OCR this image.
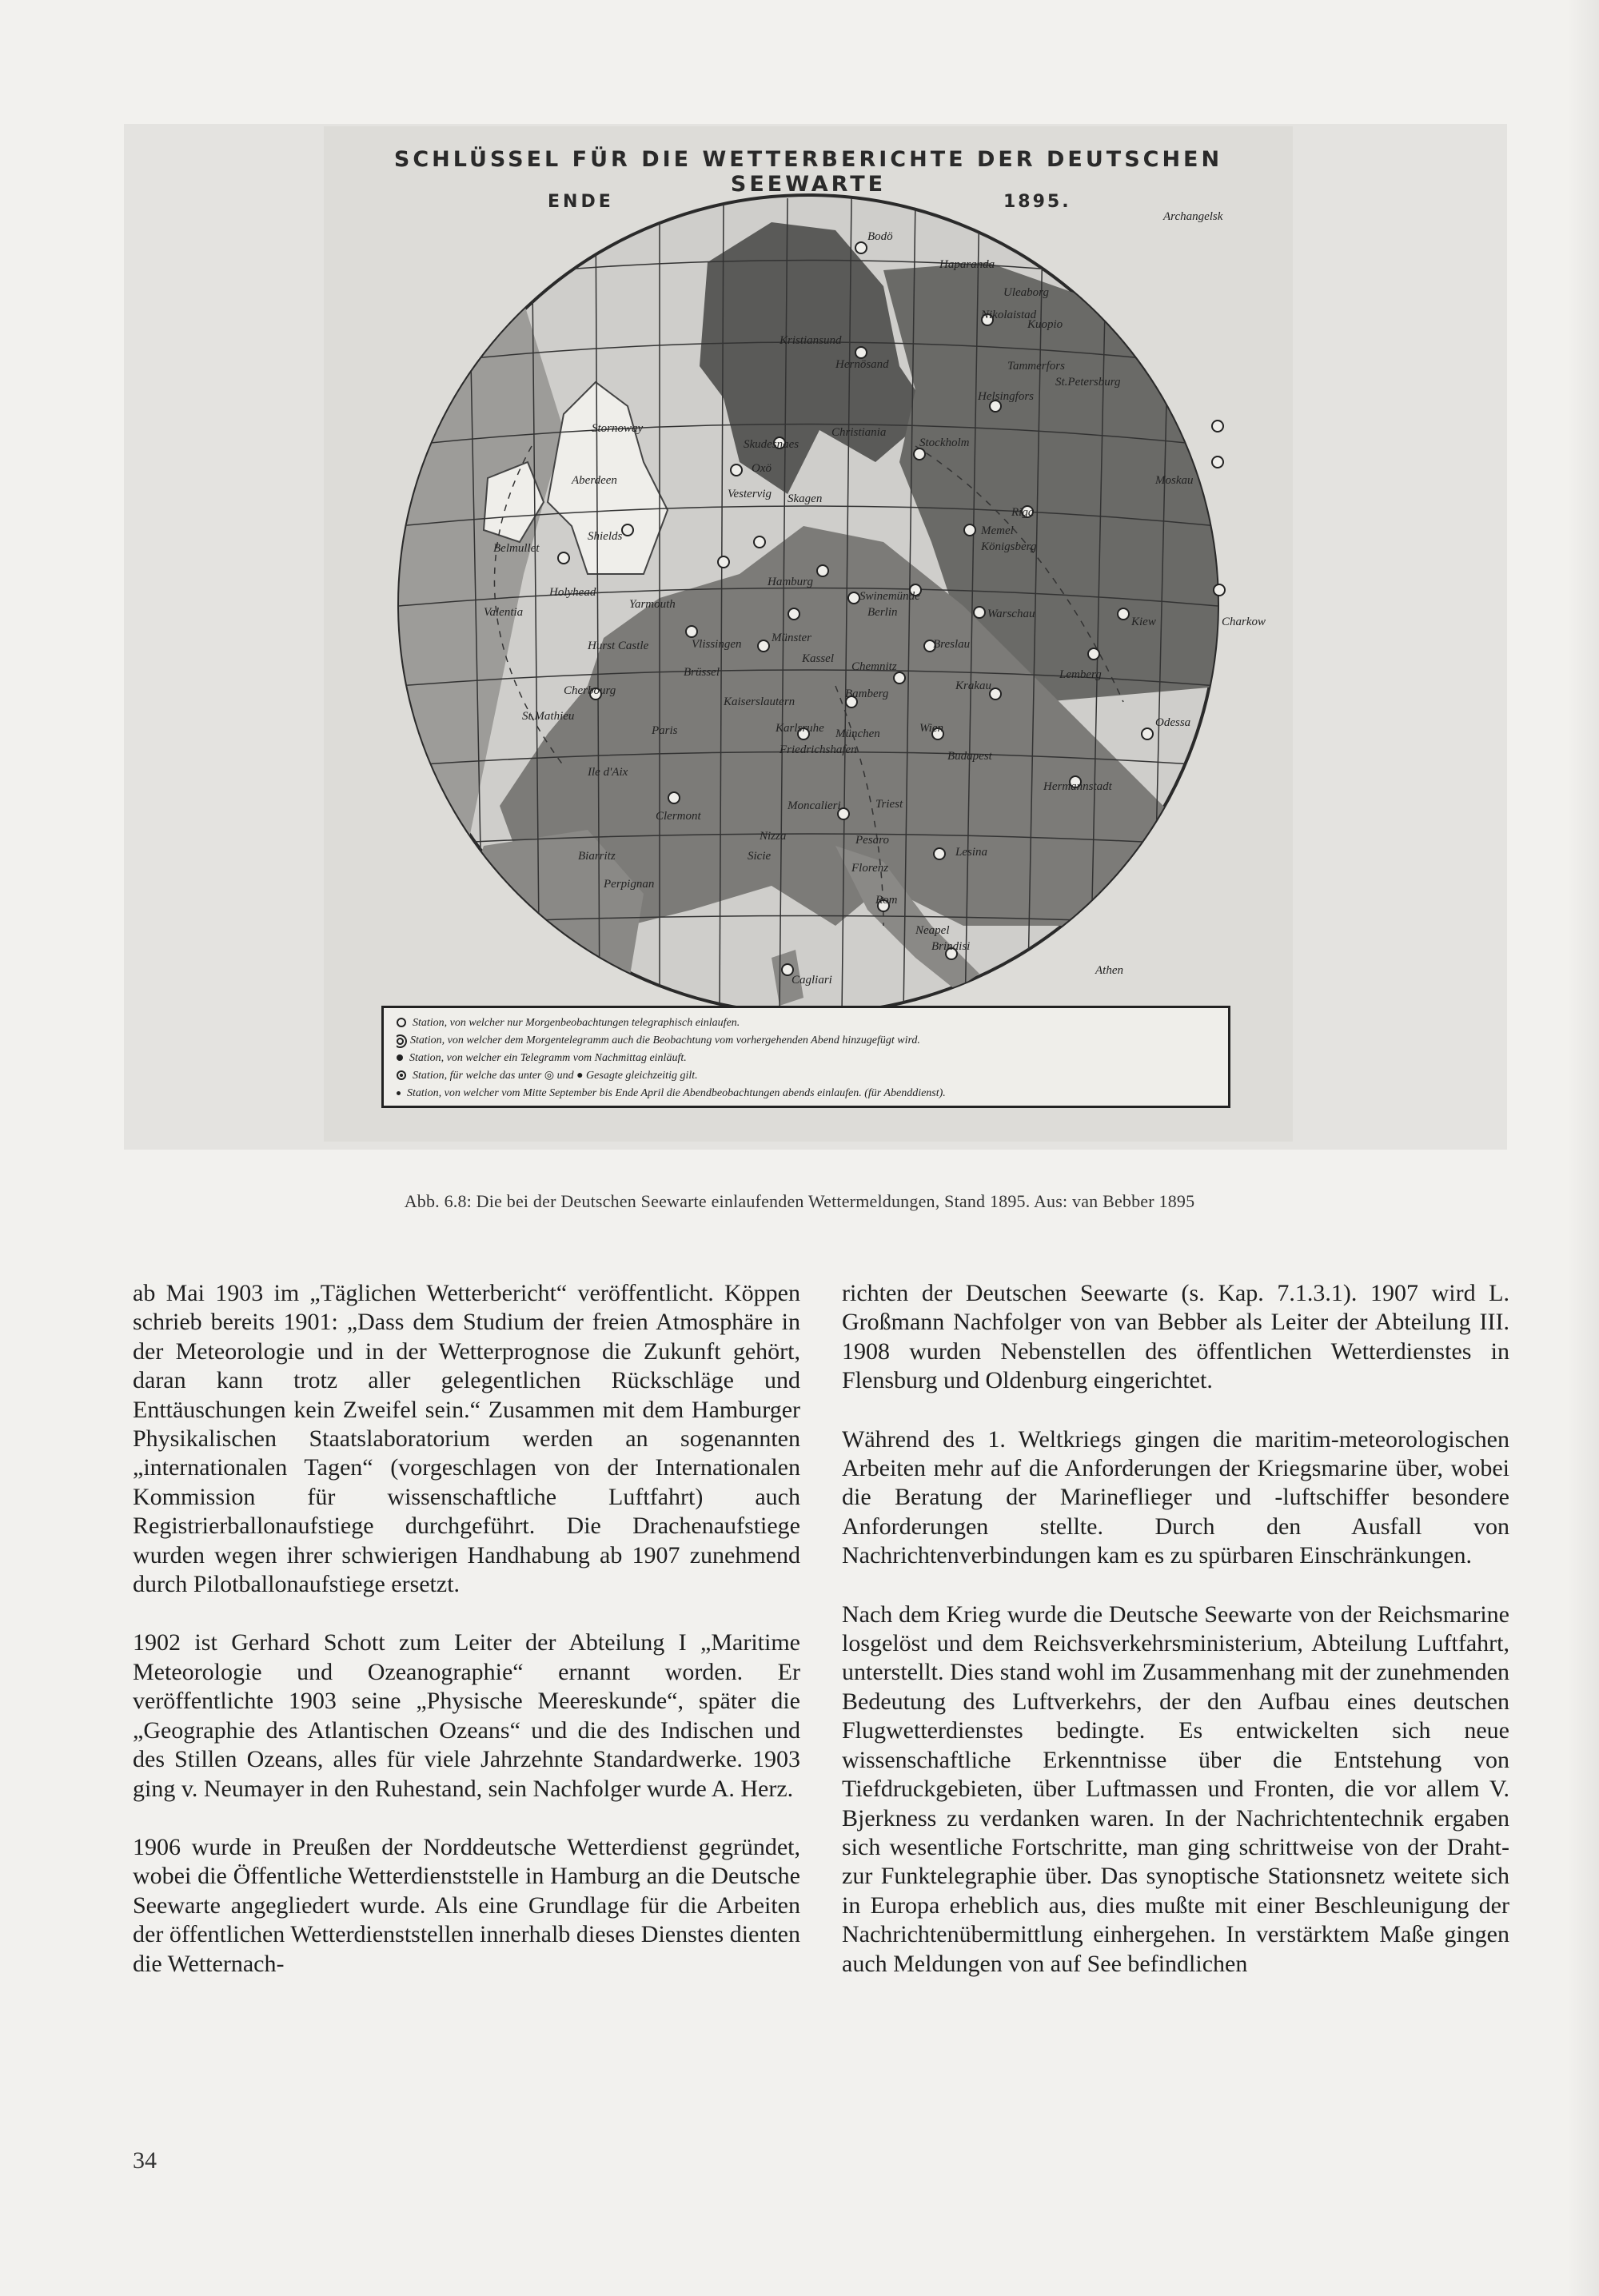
SCHLÜSSEL FÜR DIE WETTERBERICHTE DER DEUTSCHEN SEEWARTE
ENDE	1895.
Archangelsk
Bodö
Haparanda
Uleaborg
Kristiansund
Hernösand
Nikolaistad
Kuopio
Tammerfors
Helsingfors
St.Petersburg
Christiania
Stockholm
Skudesnaes
Oxö
Stornoway
Aberdeen
Skagen
Riga
Moskau
Shields
Vestervig
Memel
Königsberg
Belmullet
Holyhead
Valentia
Yarmouth
Hamburg
Swinemünde
Berlin	Warschau
Kiew	Charkow
Hurst Castle	Vlissingen	Münster
Kassel
Breslau
Brüssel	Chemnitz
Cherbourg
Kaiserslautern
Bamberg
Krakau
Lemberg
Odessa
St.Mathieu
Paris	Karlsruhe München	Wien
Friedrichshafen	Budapest
Ile d'Aix
Hermannstadt
Clermont
Moncalieri	Triest
Nizza	Pesaro
Biarritz	Sicie
Florenz
Lesina
Perpignan
Rom
Neapel
Brindisi
Cagliari
Athen
Station, von welcher nur Morgenbeobachtungen telegraphisch einlaufen.
Station, von welcher dem Morgentelegramm auch die Beobachtung vom vorhergehenden Abend hinzugefügt wird.
Station, von welcher ein Telegramm vom Nachmittag einläuft.
Station, für welche das unter ◎ und ● Gesagte gleichzeitig gilt.
Station, von welcher vom Mitte September bis Ende April die Abendbeobachtungen abends einlaufen. (für Abenddienst).
Abb. 6.8: Die bei der Deutschen Seewarte einlaufenden Wettermeldungen, Stand 1895. Aus: van Bebber 1895

ab Mai 1903 im „Täglichen Wetterbericht“ veröffentlicht. Köppen schrieb bereits 1901: „Dass dem Studium der freien Atmosphäre in der Meteorologie und in der Wetterprognose die Zukunft gehört, daran kann trotz aller gelegentlichen Rückschläge und Enttäuschungen kein Zweifel sein.“ Zusammen mit dem Hamburger Physikalischen Staatslaboratorium werden an sogenannten „internationalen Tagen“ (vorgeschlagen von der Internationalen Kommission für wissenschaftliche Luftfahrt) auch Registrierballonaufstiege durchgeführt. Die Drachenaufstiege wurden wegen ihrer schwierigen Handhabung ab 1907 zunehmend durch Pilotballonaufstiege ersetzt.

1902 ist Gerhard Schott zum Leiter der Abteilung I „Maritime Meteorologie und Ozeanographie“ ernannt worden. Er veröffentlichte 1903 seine „Physische Meereskunde“, später die „Geographie des Atlantischen Ozeans“ und die des Indischen und des Stillen Ozeans, alles für viele Jahrzehnte Standardwerke. 1903 ging v. Neumayer in den Ruhestand, sein Nachfolger wurde A. Herz.

1906 wurde in Preußen der Norddeutsche Wetterdienst gegründet, wobei die Öffentliche Wetterdienststelle in Hamburg an die Deutsche Seewarte angegliedert wurde. Als eine Grundlage für die Arbeiten der öffentlichen Wetterdienststellen innerhalb dieses Dienstes dienten die Wetternach-

richten der Deutschen Seewarte (s. Kap. 7.1.3.1). 1907 wird L. Großmann Nachfolger von van Bebber als Leiter der Abteilung III. 1908 wurden Nebenstellen des öffentlichen Wetterdienstes in Flensburg und Oldenburg eingerichtet.

Während des 1. Weltkriegs gingen die maritim-meteorologischen Arbeiten mehr auf die Anforderungen der Kriegsmarine über, wobei die Beratung der Marineflieger und -luftschiffer besondere Anforderungen stellte. Durch den Ausfall von Nachrichtenverbindungen kam es zu spürbaren Einschränkungen.

Nach dem Krieg wurde die Deutsche Seewarte von der Reichsmarine losgelöst und dem Reichsverkehrsministerium, Abteilung Luftfahrt, unterstellt. Dies stand wohl im Zusammenhang mit der zunehmenden Bedeutung des Luftverkehrs, der den Aufbau eines deutschen Flugwetterdienstes bedingte. Es entwickelten sich neue wissenschaftliche Erkenntnisse über die Entstehung von Tiefdruckgebieten, über Luftmassen und Fronten, die vor allem V. Bjerkness zu verdanken waren. In der Nachrichtentechnik ergaben sich wesentliche Fortschritte, man ging schrittweise von der Draht- zur Funktelegraphie über. Das synoptische Stationsnetz weitete sich in Europa erheblich aus, dies mußte mit einer Beschleunigung der Nachrichtenübermittlung einhergehen. In verstärktem Maße gingen auch Meldungen von auf See befindlichen

34
